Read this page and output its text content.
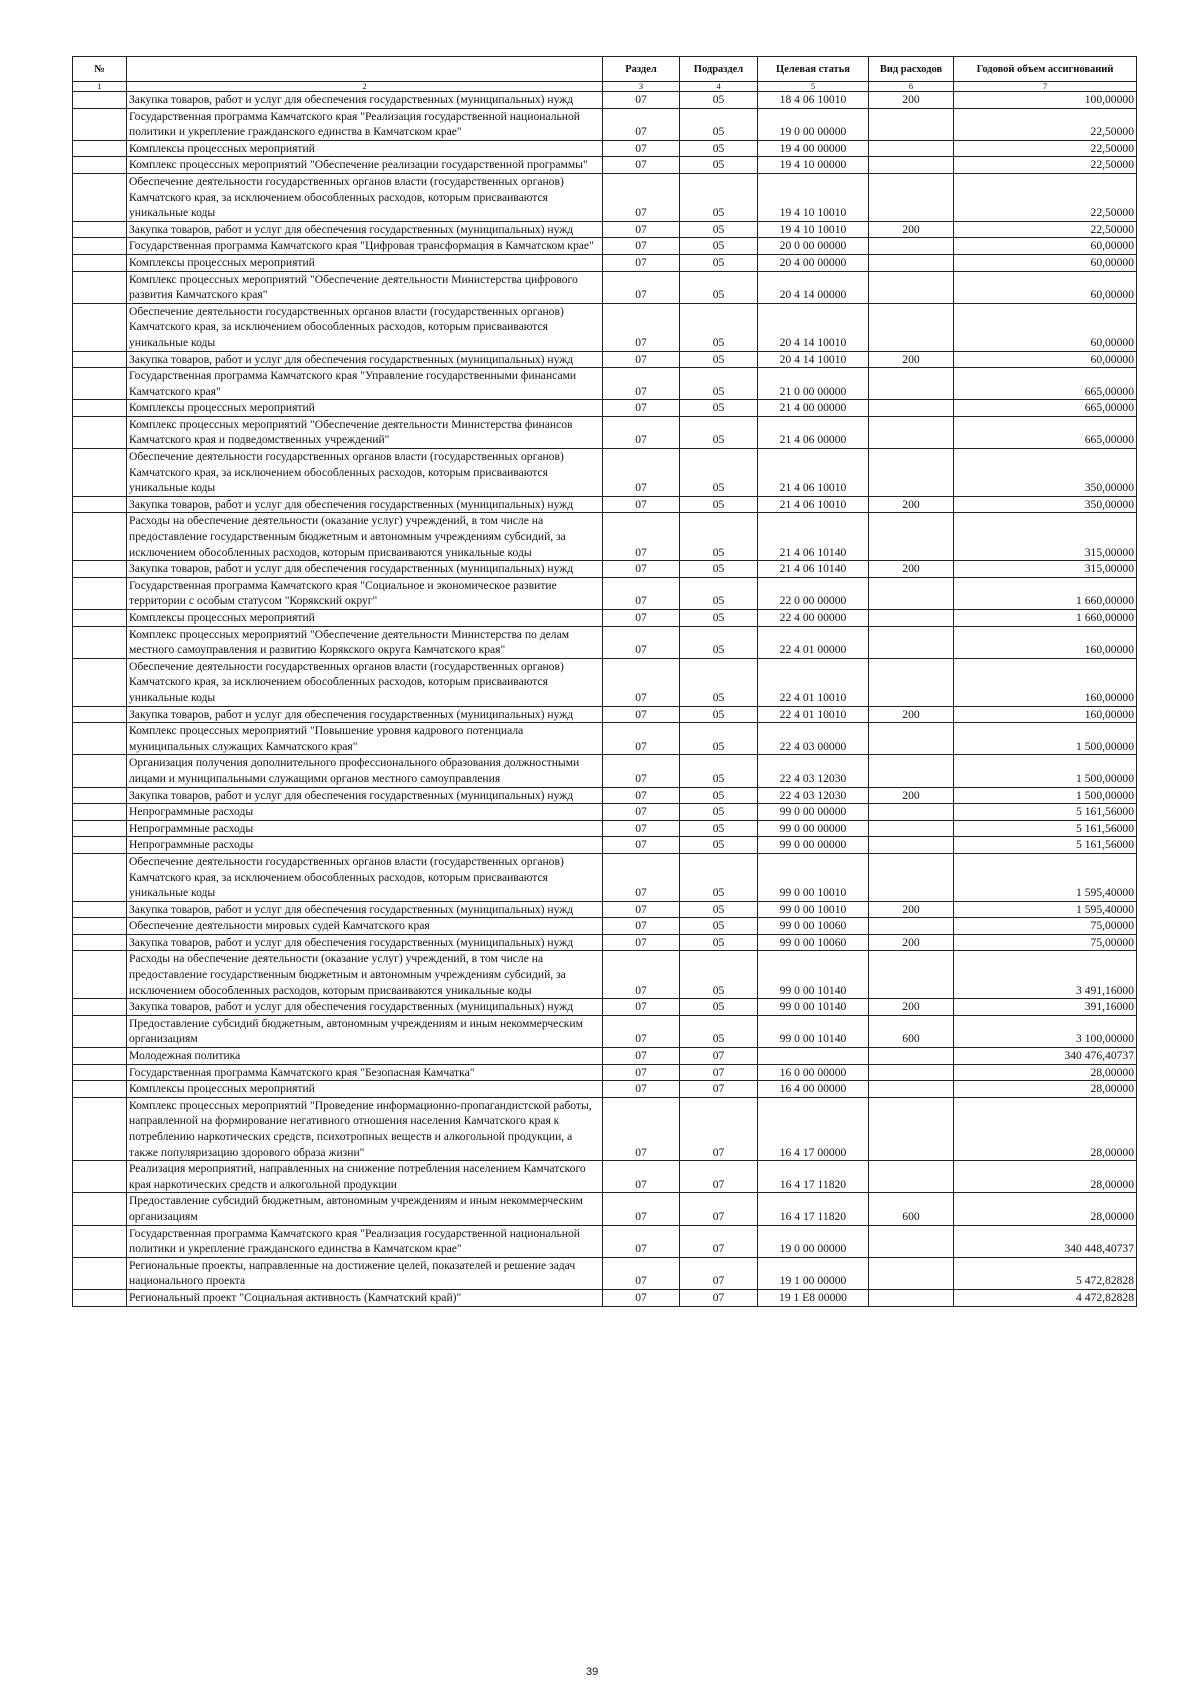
№		Раздел	Подраздел	Целевая статья	Вид расходов	Годовой объем ассигнований
1	2	3	4	5	6	7
	Закупка товаров, работ и услуг для обеспечения государственных (муниципальных) нужд	07	05	18 4 06 10010	200	100,00000
	Государственная программа Камчатского края "Реализация государственной национальной политики и укрепление гражданского единства в Камчатском крае"	07	05	19 0 00 00000		22,50000
	Комплексы процессных мероприятий	07	05	19 4 00 00000		22,50000
	Комплекс процессных мероприятий "Обеспечение реализации государственной программы"	07	05	19 4 10 00000		22,50000
	Обеспечение деятельности государственных органов власти (государственных органов) Камчатского края, за исключением обособленных расходов, которым присваиваются уникальные коды	07	05	19 4 10 10010		22,50000
	Закупка товаров, работ и услуг для обеспечения государственных (муниципальных) нужд	07	05	19 4 10 10010	200	22,50000
	Государственная программа Камчатского края "Цифровая трансформация в Камчатском крае"	07	05	20 0 00 00000		60,00000
	Комплексы процессных мероприятий	07	05	20 4 00 00000		60,00000
	Комплекс процессных мероприятий "Обеспечение деятельности Министерства цифрового развития Камчатского края"	07	05	20 4 14 00000		60,00000
	Обеспечение деятельности государственных органов власти (государственных органов) Камчатского края, за исключением обособленных расходов, которым присваиваются уникальные коды	07	05	20 4 14 10010		60,00000
	Закупка товаров, работ и услуг для обеспечения государственных (муниципальных) нужд	07	05	20 4 14 10010	200	60,00000
	Государственная программа Камчатского края "Управление государственными финансами Камчатского края"	07	05	21 0 00 00000		665,00000
	Комплексы процессных мероприятий	07	05	21 4 00 00000		665,00000
	Комплекс процессных мероприятий "Обеспечение деятельности Министерства финансов Камчатского края и подведомственных учреждений"	07	05	21 4 06 00000		665,00000
	Обеспечение деятельности государственных органов власти (государственных органов) Камчатского края, за исключением обособленных расходов, которым присваиваются уникальные коды	07	05	21 4 06 10010		350,00000
	Закупка товаров, работ и услуг для обеспечения государственных (муниципальных) нужд	07	05	21 4 06 10010	200	350,00000
	Расходы на обеспечение деятельности (оказание услуг) учреждений, в том числе на предоставление государственным бюджетным и автономным учреждениям субсидий, за исключением обособленных расходов, которым присваиваются уникальные коды	07	05	21 4 06 10140		315,00000
	Закупка товаров, работ и услуг для обеспечения государственных (муниципальных) нужд	07	05	21 4 06 10140	200	315,00000
	Государственная программа Камчатского края "Социальное и экономическое развитие территории с особым статусом "Корякский округ"	07	05	22 0 00 00000		1 660,00000
	Комплексы процессных мероприятий	07	05	22 4 00 00000		1 660,00000
	Комплекс процессных мероприятий "Обеспечение деятельности Министерства по делам местного самоуправления и развитию Корякского округа Камчатского края"	07	05	22 4 01 00000		160,00000
	Обеспечение деятельности государственных органов власти (государственных органов) Камчатского края, за исключением обособленных расходов, которым присваиваются уникальные коды	07	05	22 4 01 10010		160,00000
	Закупка товаров, работ и услуг для обеспечения государственных (муниципальных) нужд	07	05	22 4 01 10010	200	160,00000
	Комплекс процессных мероприятий "Повышение уровня кадрового потенциала муниципальных служащих Камчатского края"	07	05	22 4 03 00000		1 500,00000
	Организация получения дополнительного профессионального образования должностными лицами и муниципальными служащими органов местного самоуправления	07	05	22 4 03 12030		1 500,00000
	Закупка товаров, работ и услуг для обеспечения государственных (муниципальных) нужд	07	05	22 4 03 12030	200	1 500,00000
	Непрограммные расходы	07	05	99 0 00 00000		5 161,56000
	Непрограммные расходы	07	05	99 0 00 00000		5 161,56000
	Непрограммные расходы	07	05	99 0 00 00000		5 161,56000
	Обеспечение деятельности государственных органов власти (государственных органов) Камчатского края, за исключением обособленных расходов, которым присваиваются уникальные коды	07	05	99 0 00 10010		1 595,40000
	Закупка товаров, работ и услуг для обеспечения государственных (муниципальных) нужд	07	05	99 0 00 10010	200	1 595,40000
	Обеспечение деятельности мировых судей Камчатского края	07	05	99 0 00 10060		75,00000
	Закупка товаров, работ и услуг для обеспечения государственных (муниципальных) нужд	07	05	99 0 00 10060	200	75,00000
	Расходы на обеспечение деятельности (оказание услуг) учреждений, в том числе на предоставление государственным бюджетным и автономным учреждениям субсидий, за исключением обособленных расходов, которым присваиваются уникальные коды	07	05	99 0 00 10140		3 491,16000
	Закупка товаров, работ и услуг для обеспечения государственных (муниципальных) нужд	07	05	99 0 00 10140	200	391,16000
	Предоставление субсидий бюджетным, автономным учреждениям и иным некоммерческим организациям	07	05	99 0 00 10140	600	3 100,00000
	Молодежная политика	07	07			340 476,40737
	Государственная программа Камчатского края "Безопасная Камчатка"	07	07	16 0 00 00000		28,00000
	Комплексы процессных мероприятий	07	07	16 4 00 00000		28,00000
	Комплекс процессных мероприятий "Проведение информационно-пропагандистской работы, направленной на формирование негативного отношения населения Камчатского края к потреблению наркотических средств, психотропных веществ и алкогольной продукции, а также популяризацию здорового образа жизни"	07	07	16 4 17 00000		28,00000
	Реализация мероприятий, направленных на снижение потребления населением Камчатского края наркотических средств и алкогольной продукции	07	07	16 4 17 11820		28,00000
	Предоставление субсидий бюджетным, автономным учреждениям и иным некоммерческим организациям	07	07	16 4 17 11820	600	28,00000
	Государственная программа Камчатского края "Реализация государственной национальной политики и укрепление гражданского единства в Камчатском крае"	07	07	19 0 00 00000		340 448,40737
	Региональные проекты, направленные на достижение целей, показателей и решение задач национального проекта	07	07	19 1 00 00000		5 472,82828
	Региональный проект "Социальная активность (Камчатский край)"	07	07	19 1 E8 00000		4 472,82828
39
